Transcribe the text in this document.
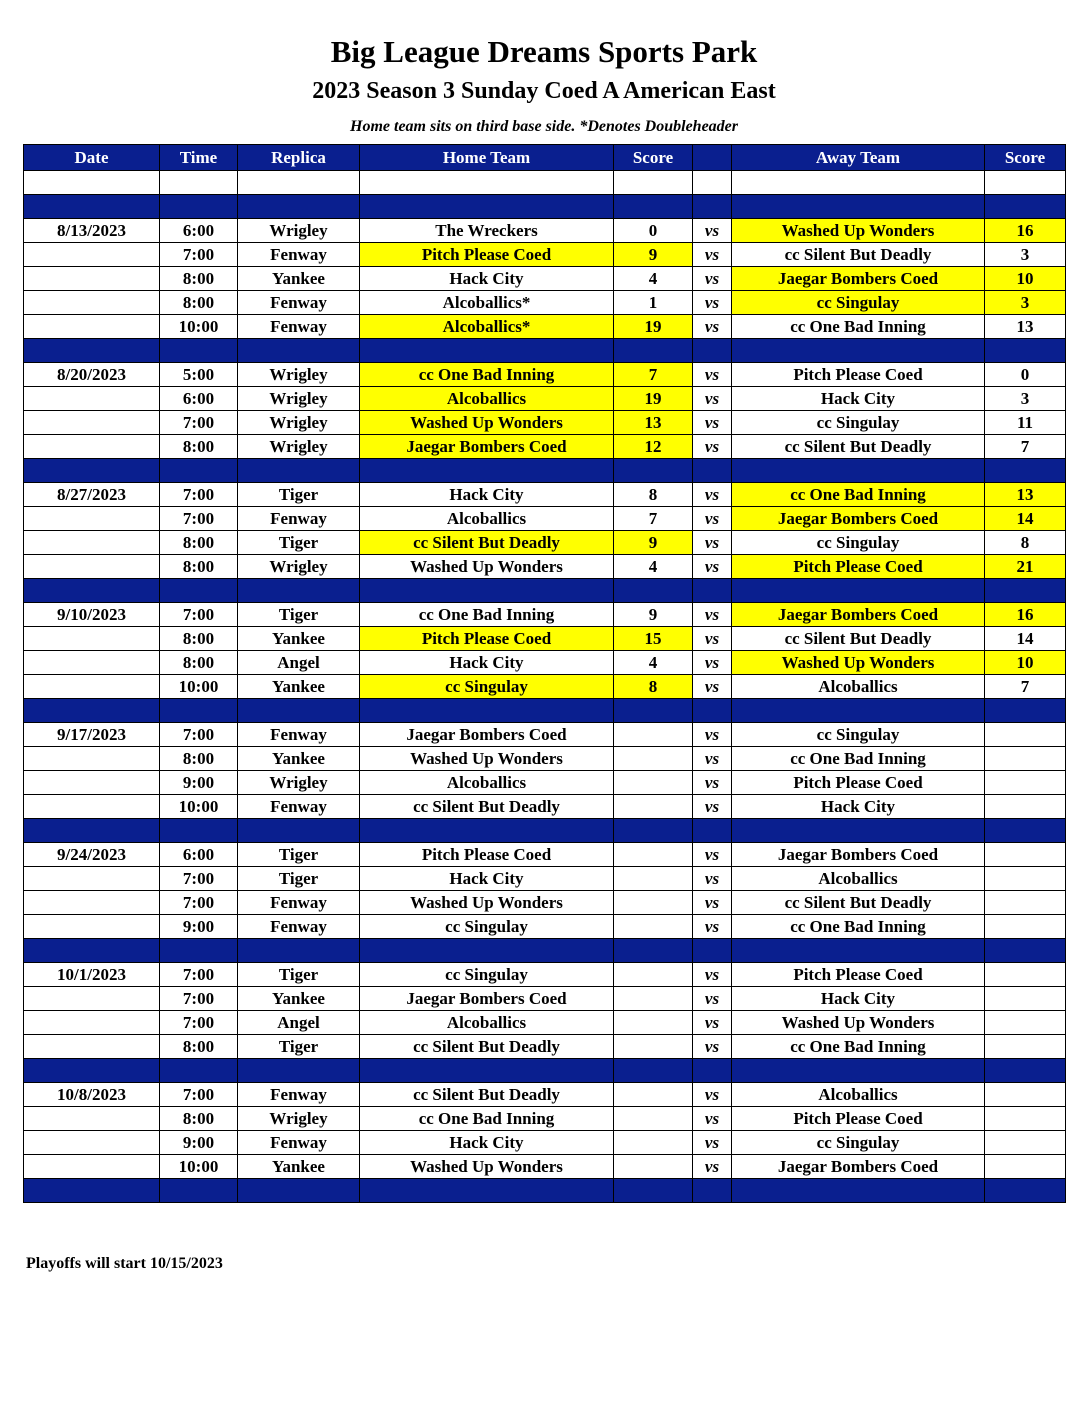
Big League Dreams Sports Park
2023 Season 3 Sunday Coed A American East
Home team sits on third base side. *Denotes Doubleheader
Date	Time	Replica	Home Team	Score		Away Team	Score

8/13/2023	6:00	Wrigley	The Wreckers	0	vs	Washed Up Wonders	16
	7:00	Fenway	Pitch Please Coed	9	vs	cc Silent But Deadly	3
	8:00	Yankee	Hack City	4	vs	Jaegar Bombers Coed	10
	8:00	Fenway	Alcoballics*	1	vs	cc Singulay	3
	10:00	Fenway	Alcoballics*	19	vs	cc One Bad Inning	13

8/20/2023	5:00	Wrigley	cc One Bad Inning	7	vs	Pitch Please Coed	0
	6:00	Wrigley	Alcoballics	19	vs	Hack City	3
	7:00	Wrigley	Washed Up Wonders	13	vs	cc Singulay	11
	8:00	Wrigley	Jaegar Bombers Coed	12	vs	cc Silent But Deadly	7

8/27/2023	7:00	Tiger	Hack City	8	vs	cc One Bad Inning	13
	7:00	Fenway	Alcoballics	7	vs	Jaegar Bombers Coed	14
	8:00	Tiger	cc Silent But Deadly	9	vs	cc Singulay	8
	8:00	Wrigley	Washed Up Wonders	4	vs	Pitch Please Coed	21

9/10/2023	7:00	Tiger	cc One Bad Inning	9	vs	Jaegar Bombers Coed	16
	8:00	Yankee	Pitch Please Coed	15	vs	cc Silent But Deadly	14
	8:00	Angel	Hack City	4	vs	Washed Up Wonders	10
	10:00	Yankee	cc Singulay	8	vs	Alcoballics	7

9/17/2023	7:00	Fenway	Jaegar Bombers Coed		vs	cc Singulay	
	8:00	Yankee	Washed Up Wonders		vs	cc One Bad Inning	
	9:00	Wrigley	Alcoballics		vs	Pitch Please Coed	
	10:00	Fenway	cc Silent But Deadly		vs	Hack City	

9/24/2023	6:00	Tiger	Pitch Please Coed		vs	Jaegar Bombers Coed	
	7:00	Tiger	Hack City		vs	Alcoballics	
	7:00	Fenway	Washed Up Wonders		vs	cc Silent But Deadly	
	9:00	Fenway	cc Singulay		vs	cc One Bad Inning	

10/1/2023	7:00	Tiger	cc Singulay		vs	Pitch Please Coed	
	7:00	Yankee	Jaegar Bombers Coed		vs	Hack City	
	7:00	Angel	Alcoballics		vs	Washed Up Wonders	
	8:00	Tiger	cc Silent But Deadly		vs	cc One Bad Inning	

10/8/2023	7:00	Fenway	cc Silent But Deadly		vs	Alcoballics	
	8:00	Wrigley	cc One Bad Inning		vs	Pitch Please Coed	
	9:00	Fenway	Hack City		vs	cc Singulay	
	10:00	Yankee	Washed Up Wonders		vs	Jaegar Bombers Coed	

Playoffs will start 10/15/2023
